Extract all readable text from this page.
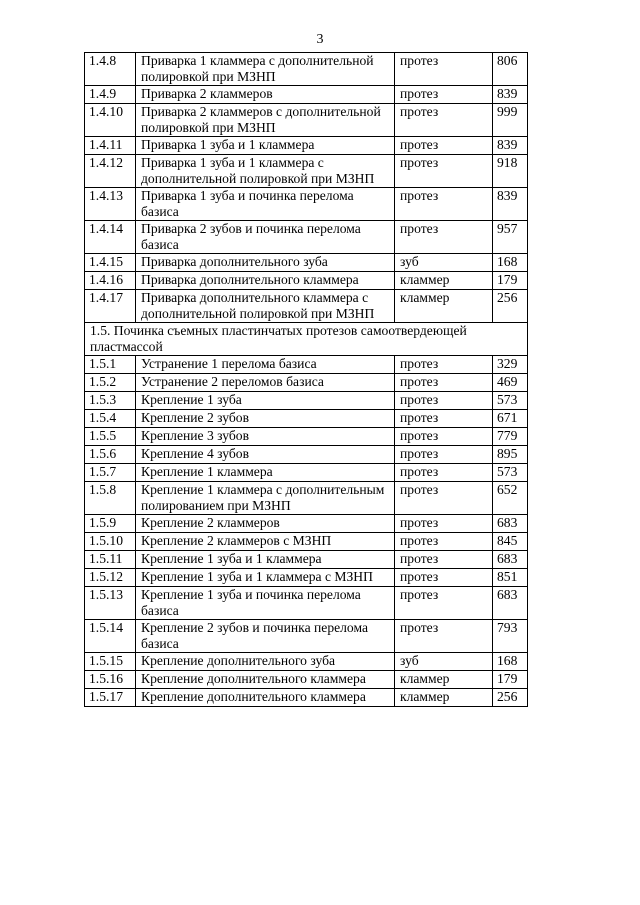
3
1.4.8	Приварка 1 кламмера с дополнительной полировкой при МЗНП	протез	806
1.4.9	Приварка 2 кламмеров	протез	839
1.4.10	Приварка 2 кламмеров с дополнительной полировкой при МЗНП	протез	999
1.4.11	Приварка 1 зуба и 1 кламмера	протез	839
1.4.12	Приварка 1 зуба и 1 кламмера с дополнительной полировкой при МЗНП	протез	918
1.4.13	Приварка 1 зуба и починка перелома базиса	протез	839
1.4.14	Приварка 2 зубов и починка перелома базиса	протез	957
1.4.15	Приварка дополнительного зуба	зуб	168
1.4.16	Приварка дополнительного кламмера	кламмер	179
1.4.17	Приварка дополнительного кламмера с дополнительной полировкой при МЗНП	кламмер	256
1.5. Починка съемных пластинчатых протезов самоотвердеющей пластмассой			
1.5.1	Устранение 1 перелома базиса	протез	329
1.5.2	Устранение 2 переломов базиса	протез	469
1.5.3	Крепление 1 зуба	протез	573
1.5.4	Крепление 2 зубов	протез	671
1.5.5	Крепление 3 зубов	протез	779
1.5.6	Крепление 4 зубов	протез	895
1.5.7	Крепление 1 кламмера	протез	573
1.5.8	Крепление 1 кламмера с дополнительным полированием при МЗНП	протез	652
1.5.9	Крепление 2 кламмеров	протез	683
1.5.10	Крепление 2 кламмеров с МЗНП	протез	845
1.5.11	Крепление 1 зуба и 1 кламмера	протез	683
1.5.12	Крепление 1 зуба и 1 кламмера с МЗНП	протез	851
1.5.13	Крепление 1 зуба и починка перелома базиса	протез	683
1.5.14	Крепление 2 зубов и починка перелома базиса	протез	793
1.5.15	Крепление дополнительного зуба	зуб	168
1.5.16	Крепление дополнительного кламмера	кламмер	179
1.5.17	Крепление дополнительного кламмера	кламмер	256
